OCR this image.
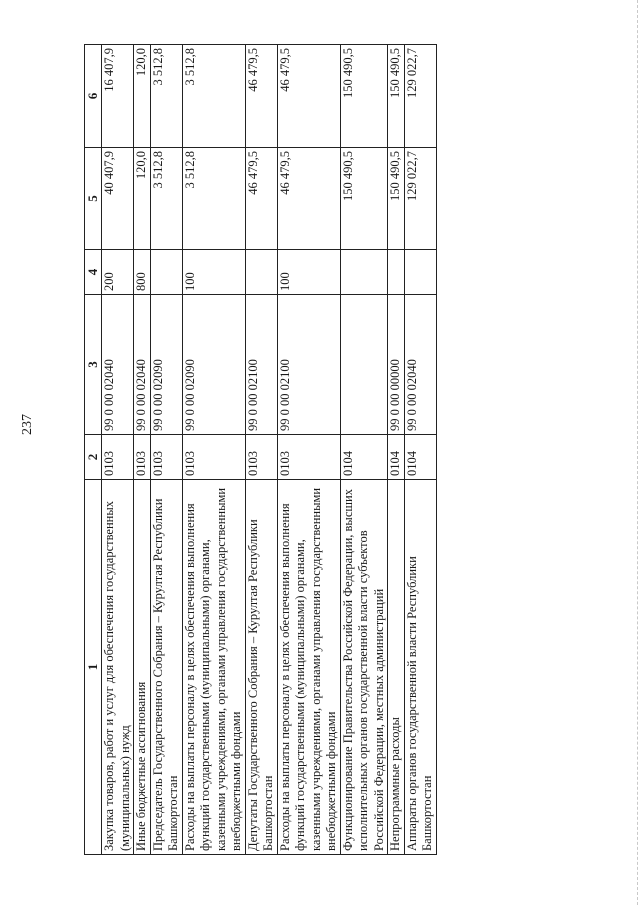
237
1	2	3	4	5	6
Закупка товаров, работ и услуг для обеспечения государственных (муниципальных) нужд	0103	99 0 00 02040	200	40 407,9	16 407,9
Иные бюджетные ассигнования	0103	99 0 00 02040	800	120,0	120,0
Председатель Государственного Собрания – Курултая Республики Башкортостан	0103	99 0 00 02090		3 512,8	3 512,8
Расходы на выплаты персоналу в целях обеспечения выполнения функций государственными (муниципальными) органами, казенными учреждениями, органами управления государственными внебюджетными фондами	0103	99 0 00 02090	100	3 512,8	3 512,8
Депутаты Государственного Собрания – Курултая Республики Башкортостан	0103	99 0 00 02100		46 479,5	46 479,5
Расходы на выплаты персоналу в целях обеспечения выполнения функций государственными (муниципальными) органами, казенными учреждениями, органами управления государственными внебюджетными фондами	0103	99 0 00 02100	100	46 479,5	46 479,5
Функционирование Правительства Российской Федерации, высших исполнительных органов государственной власти субъектов Российской Федерации, местных администраций	0104			150 490,5	150 490,5
Непрограммные расходы	0104	99 0 00 00000		150 490,5	150 490,5
Аппараты органов государственной власти Республики Башкортостан	0104	99 0 00 02040		129 022,7	129 022,7
